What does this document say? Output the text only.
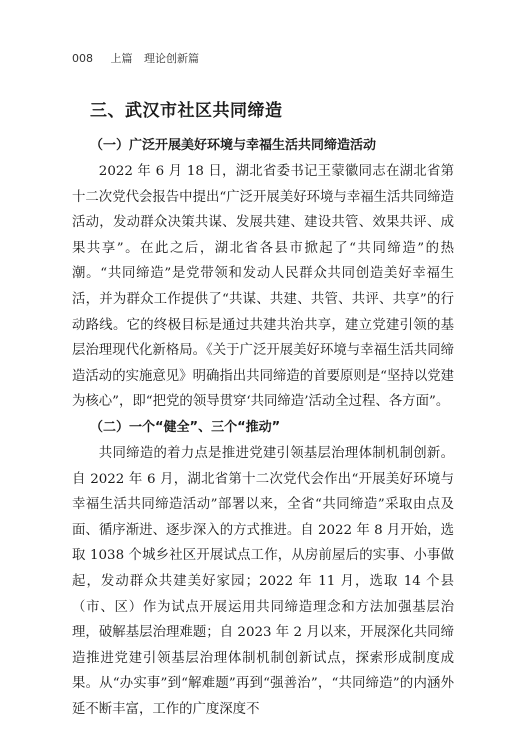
008 上篇 理论创新篇
三、武汉市社区共同缔造
（一）广泛开展美好环境与幸福生活共同缔造活动

2022 年 6 月 18 日，湖北省委书记王蒙徽同志在湖北省第十二次党代会报告中提出“广泛开展美好环境与幸福生活共同缔造活动，发动群众决策共谋、发展共建、建设共管、效果共评、成果共享”。在此之后，湖北省各县市掀起了“共同缔造”的热潮。“共同缔造”是党带领和发动人民群众共同创造美好幸福生活，并为群众工作提供了“共谋、共建、共管、共评、共享”的行动路线。它的终极目标是通过共建共治共享，建立党建引领的基层治理现代化新格局。《关于广泛开展美好环境与幸福生活共同缔造活动的实施意见》明确指出共同缔造的首要原则是“坚持以党建为核心”，即“把党的领导贯穿‘共同缔造’活动全过程、各方面”。

（二）一个“健全”、三个“推动”

共同缔造的着力点是推进党建引领基层治理体制机制创新。自 2022 年 6 月，湖北省第十二次党代会作出“开展美好环境与幸福生活共同缔造活动”部署以来，全省“共同缔造”采取由点及面、循序渐进、逐步深入的方式推进。自 2022 年 8 月开始，选取 1038 个城乡社区开展试点工作，从房前屋后的实事、小事做起，发动群众共建美好家园；2022 年 11 月，选取 14 个县（市、区）作为试点开展运用共同缔造理念和方法加强基层治理，破解基层治理难题；自 2023 年 2 月以来，开展深化共同缔造推进党建引领基层治理体制机制创新试点，探索形成制度成果。从“办实事”到“解难题”再到“强善治”，“共同缔造”的内涵外延不断丰富，工作的广度深度不
